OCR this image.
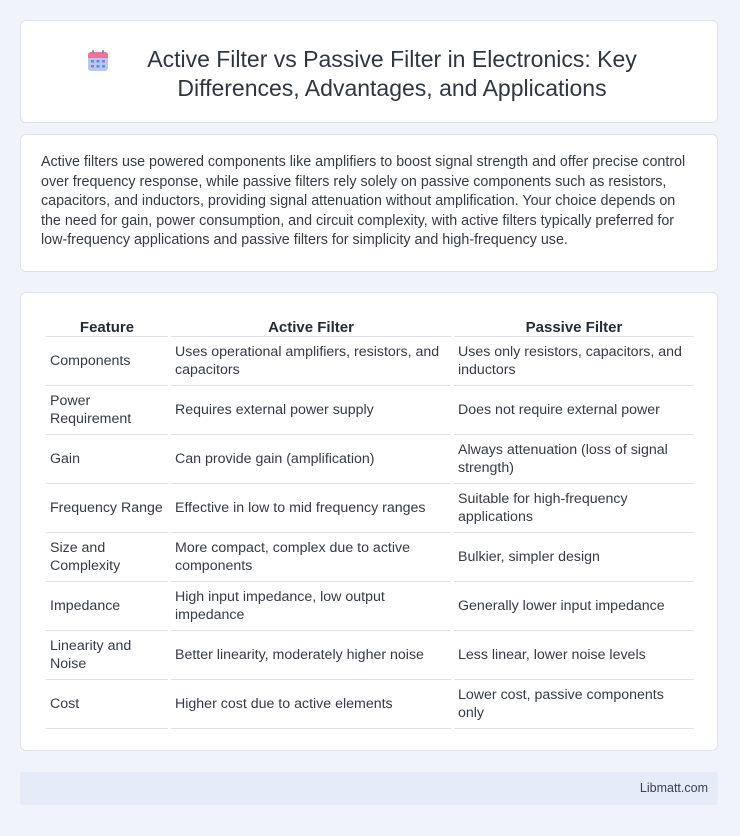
Active Filter vs Passive Filter in Electronics: Key Differences, Advantages, and Applications

Active filters use powered components like amplifiers to boost signal strength and offer precise control over frequency response, while passive filters rely solely on passive components such as resistors, capacitors, and inductors, providing signal attenuation without amplification. Your choice depends on the need for gain, power consumption, and circuit complexity, with active filters typically preferred for low-frequency applications and passive filters for simplicity and high-frequency use.

Feature	Active Filter	Passive Filter
Components	Uses operational amplifiers, resistors, and capacitors	Uses only resistors, capacitors, and inductors
Power Requirement	Requires external power supply	Does not require external power
Gain	Can provide gain (amplification)	Always attenuation (loss of signal strength)
Frequency Range	Effective in low to mid frequency ranges	Suitable for high-frequency applications
Size and Complexity	More compact, complex due to active components	Bulkier, simpler design
Impedance	High input impedance, low output impedance	Generally lower input impedance
Linearity and Noise	Better linearity, moderately higher noise	Less linear, lower noise levels
Cost	Higher cost due to active elements	Lower cost, passive components only
Libmatt.com
